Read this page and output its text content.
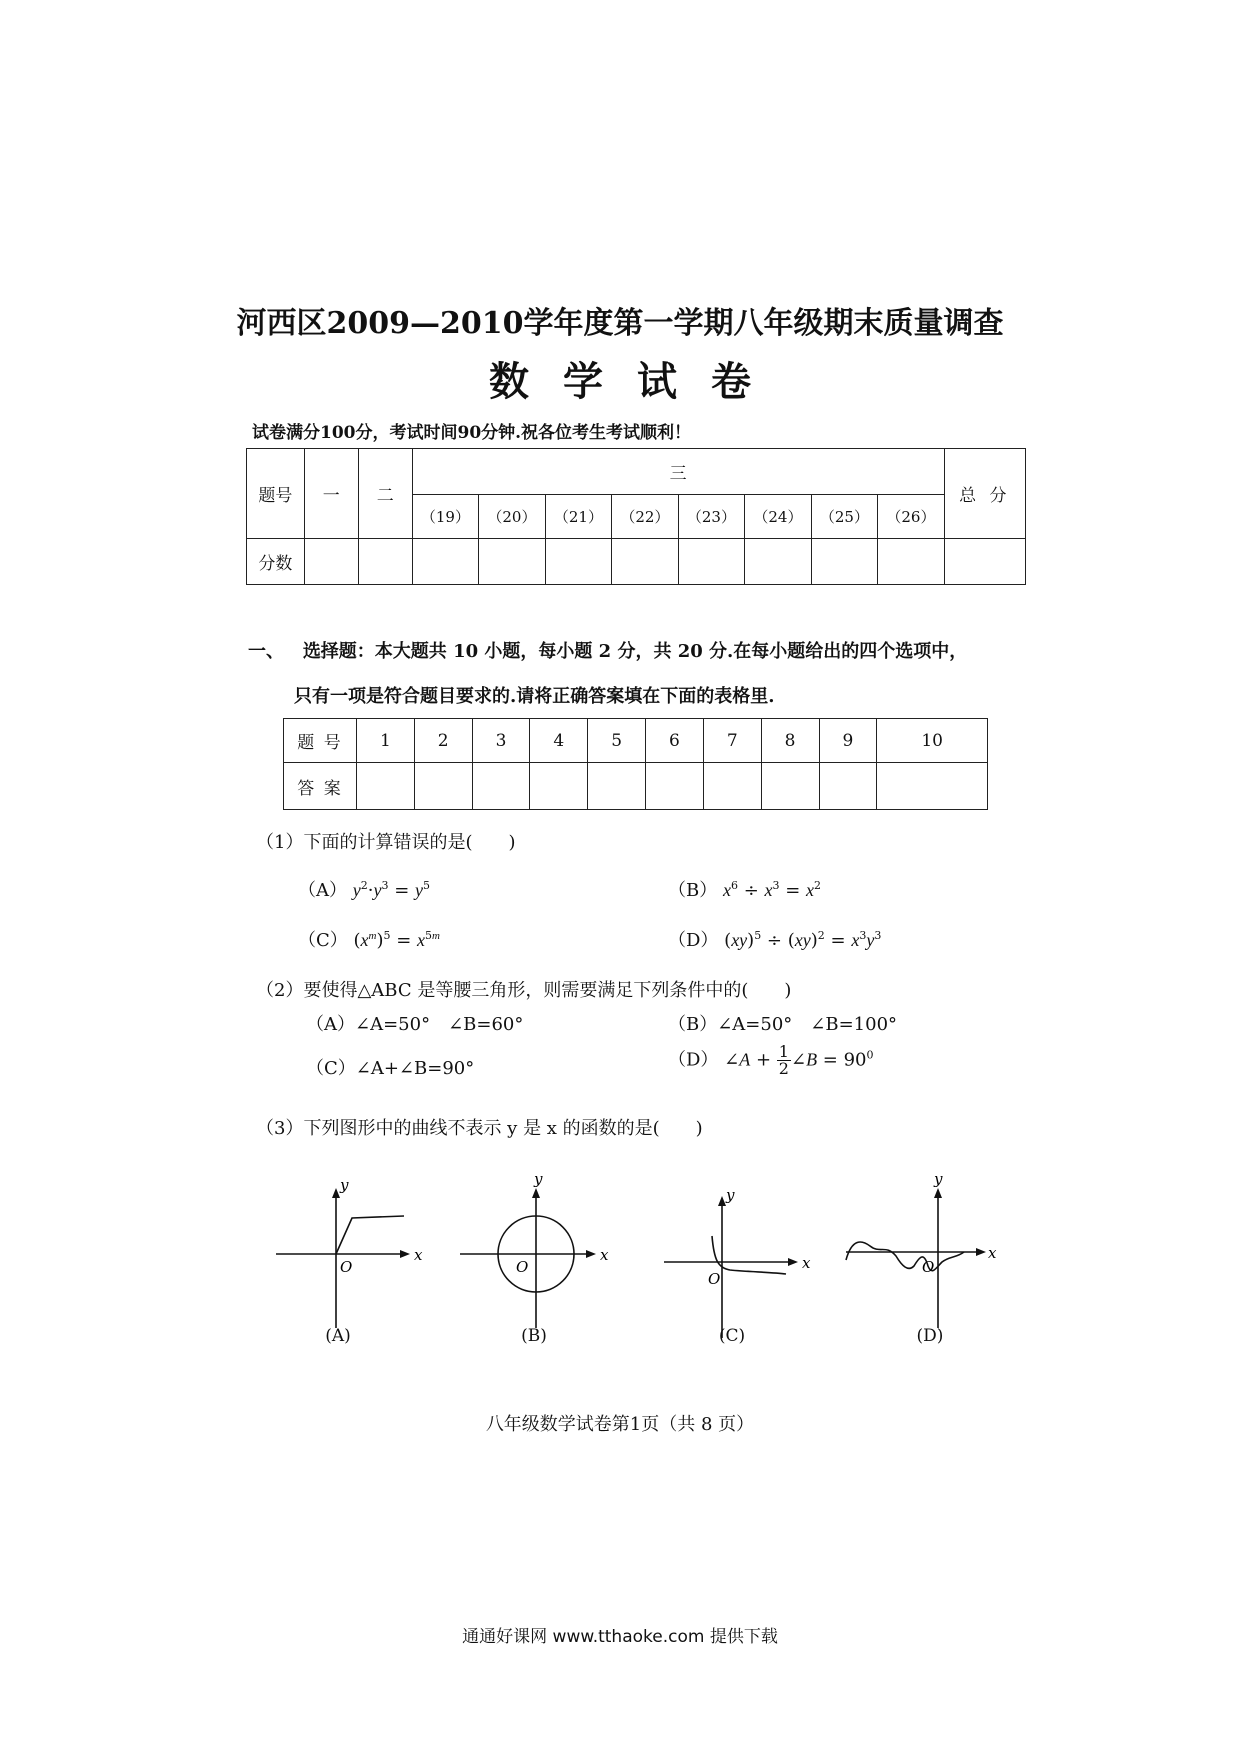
河西区2009—2010学年度第一学期八年级期末质量调查
数学试卷
试卷满分100分，考试时间90分钟.祝各位考生考试顺利！
题号	一	二	三								总 分
			（19）	（20）	（21）	（22）	（23）	（24）	（25）	（26）	
分数											
一、 选择题：本大题共 10 小题，每小题 2 分，共 20 分.在每小题给出的四个选项中，
只有一项是符合题目要求的.请将正确答案填在下面的表格里.
题 号	1	2	3	4	5	6	7	8	9	10
答 案										
（1）下面的计算错误的是(　　)
（A） $y^2\cdot y^3 = y^5$	（B） $x^6 \div x^3 = x^2$
（C） $(x^m)^5 = x^{5m}$	（D） $(xy)^5 \div (xy)^2 = x^3y^3$
（2）要使得△ABC 是等腰三角形，则需要满足下列条件中的(　　)
（A）∠A=50°　∠B=60°	（B）∠A=50°　∠B=100°
（C）∠A+∠B=90°	（D） ∠A + $\frac{1}{2}$ ∠B = $90^0$
（3）下列图形中的曲线不表示 y 是 x 的函数的是(　　)
y
x
O
(A)
y
x
O
(B)
y
x
O
(C)
y
x
O
(D)
八年级数学试卷第1页（共 8 页）
通通好课网 www.tthaoke.com 提供下载
